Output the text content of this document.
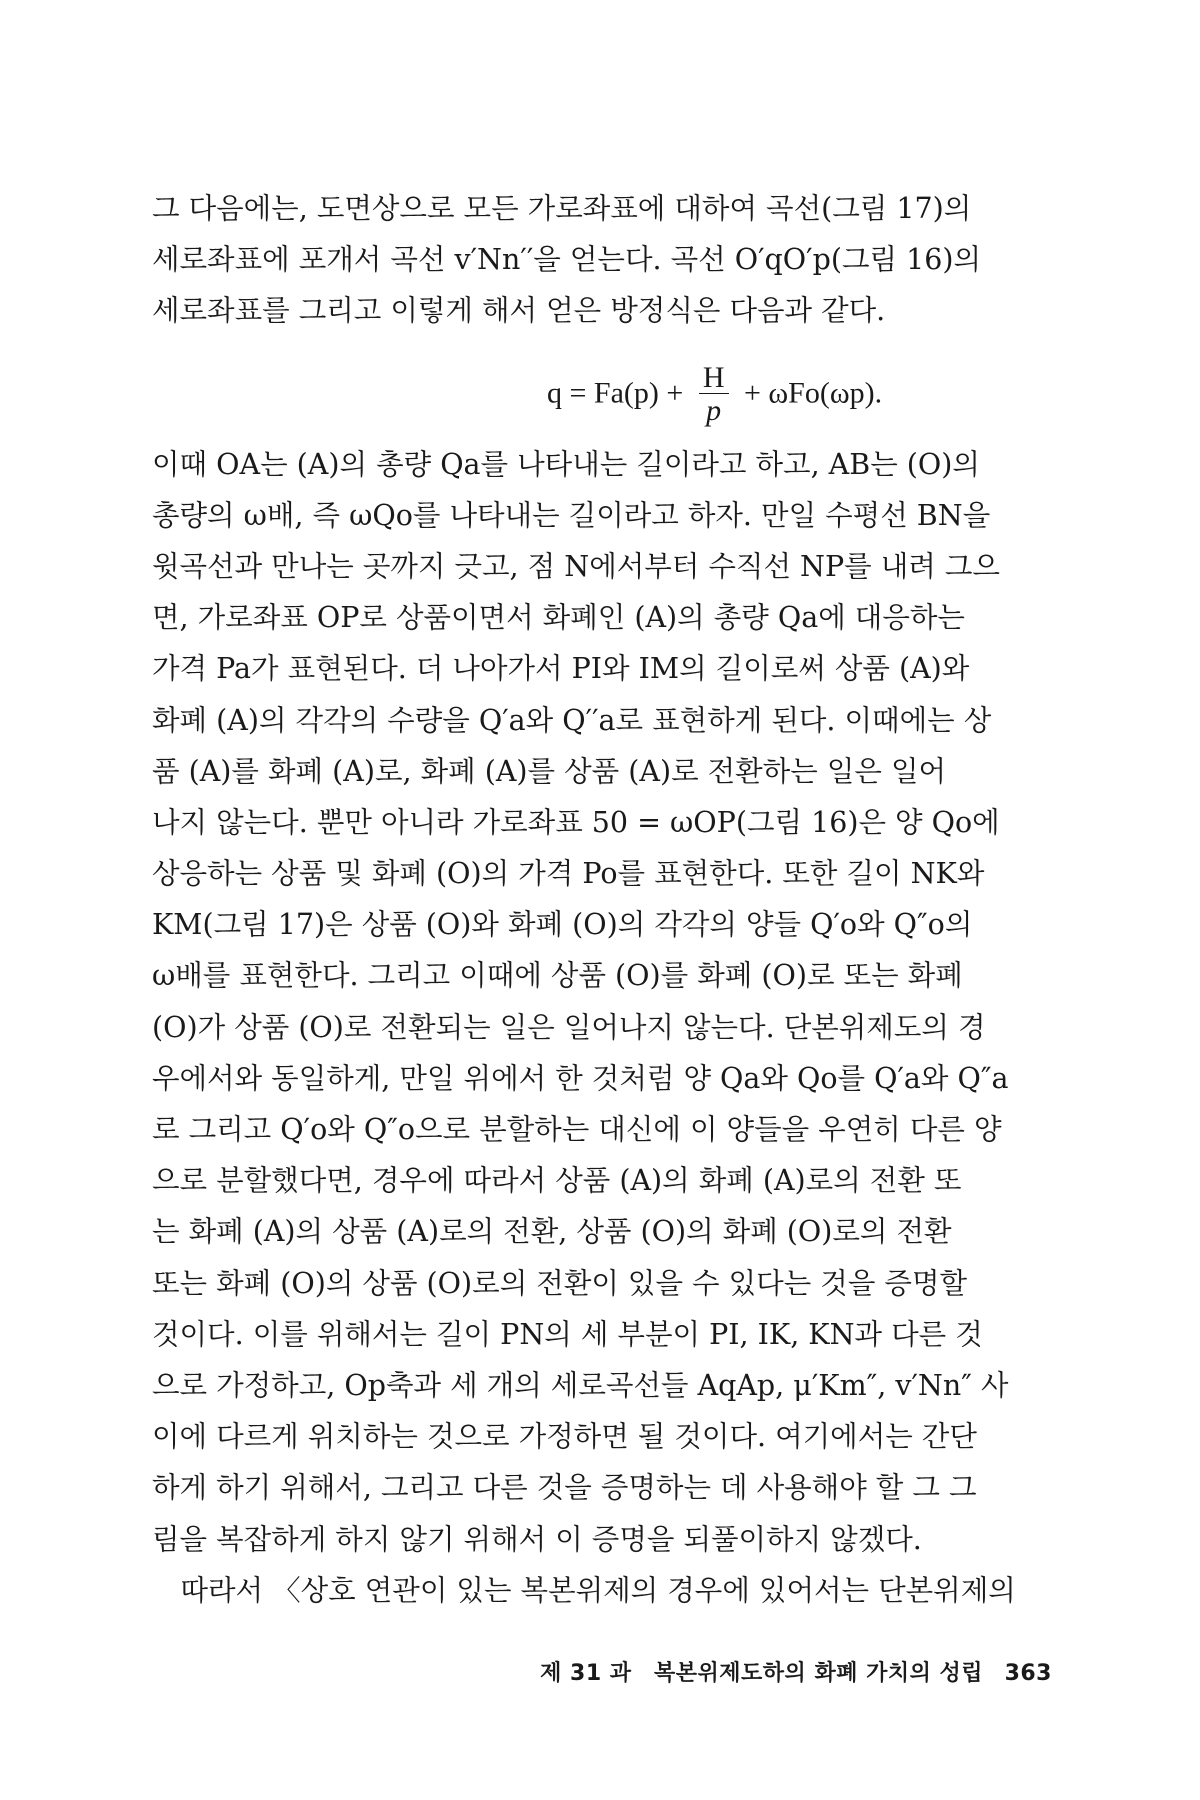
그 다음에는, 도면상으로 모든 가로좌표에 대하여 곡선(그림 17)의
세로좌표에 포개서 곡선 v′Nn′′을 얻는다. 곡선 O′qO′p(그림 16)의
세로좌표를 그리고 이렇게 해서 얻은 방정식은 다음과 같다.
$q = Fa(p) + \frac{H}{p} + \omega Fo(\omega p)$.
이때 OA는 (A)의 총량 Qa를 나타내는 길이라고 하고, AB는 (O)의
총량의 ω배, 즉 ωQo를 나타내는 길이라고 하자. 만일 수평선 BN을
윗곡선과 만나는 곳까지 긋고, 점 N에서부터 수직선 NP를 내려 그으
면, 가로좌표 OP로 상품이면서 화폐인 (A)의 총량 Qa에 대응하는
가격 Pa가 표현된다. 더 나아가서 PI와 IM의 길이로써 상품 (A)와
화폐 (A)의 각각의 수량을 Q′a와 Q′′a로 표현하게 된다. 이때에는 상
품 (A)를 화폐 (A)로, 화폐 (A)를 상품 (A)로 전환하는 일은 일어
나지 않는다. 뿐만 아니라 가로좌표 50 = ωOP(그림 16)은 양 Qo에
상응하는 상품 및 화폐 (O)의 가격 Po를 표현한다. 또한 길이 NK와
KM(그림 17)은 상품 (O)와 화폐 (O)의 각각의 양들 Q′o와 Q″o의
ω배를 표현한다. 그리고 이때에 상품 (O)를 화폐 (O)로 또는 화폐
(O)가 상품 (O)로 전환되는 일은 일어나지 않는다. 단본위제도의 경
우에서와 동일하게, 만일 위에서 한 것처럼 양 Qa와 Qo를 Q′a와 Q″a
로 그리고 Q′o와 Q″o으로 분할하는 대신에 이 양들을 우연히 다른 양
으로 분할했다면, 경우에 따라서 상품 (A)의 화폐 (A)로의 전환 또
는 화폐 (A)의 상품 (A)로의 전환, 상품 (O)의 화폐 (O)로의 전환
또는 화폐 (O)의 상품 (O)로의 전환이 있을 수 있다는 것을 증명할
것이다. 이를 위해서는 길이 PN의 세 부분이 PI, IK, KN과 다른 것
으로 가정하고, Op축과 세 개의 세로곡선들 AqAp, μ′Km″, v′Nn″ 사
이에 다르게 위치하는 것으로 가정하면 될 것이다. 여기에서는 간단
하게 하기 위해서, 그리고 다른 것을 증명하는 데 사용해야 할 그 그
림을 복잡하게 하지 않기 위해서 이 증명을 되풀이하지 않겠다.
　따라서 〈상호 연관이 있는 복본위제의 경우에 있어서는 단본위제의
제 31 과　복본위제도하의 화폐 가치의 성립 363
